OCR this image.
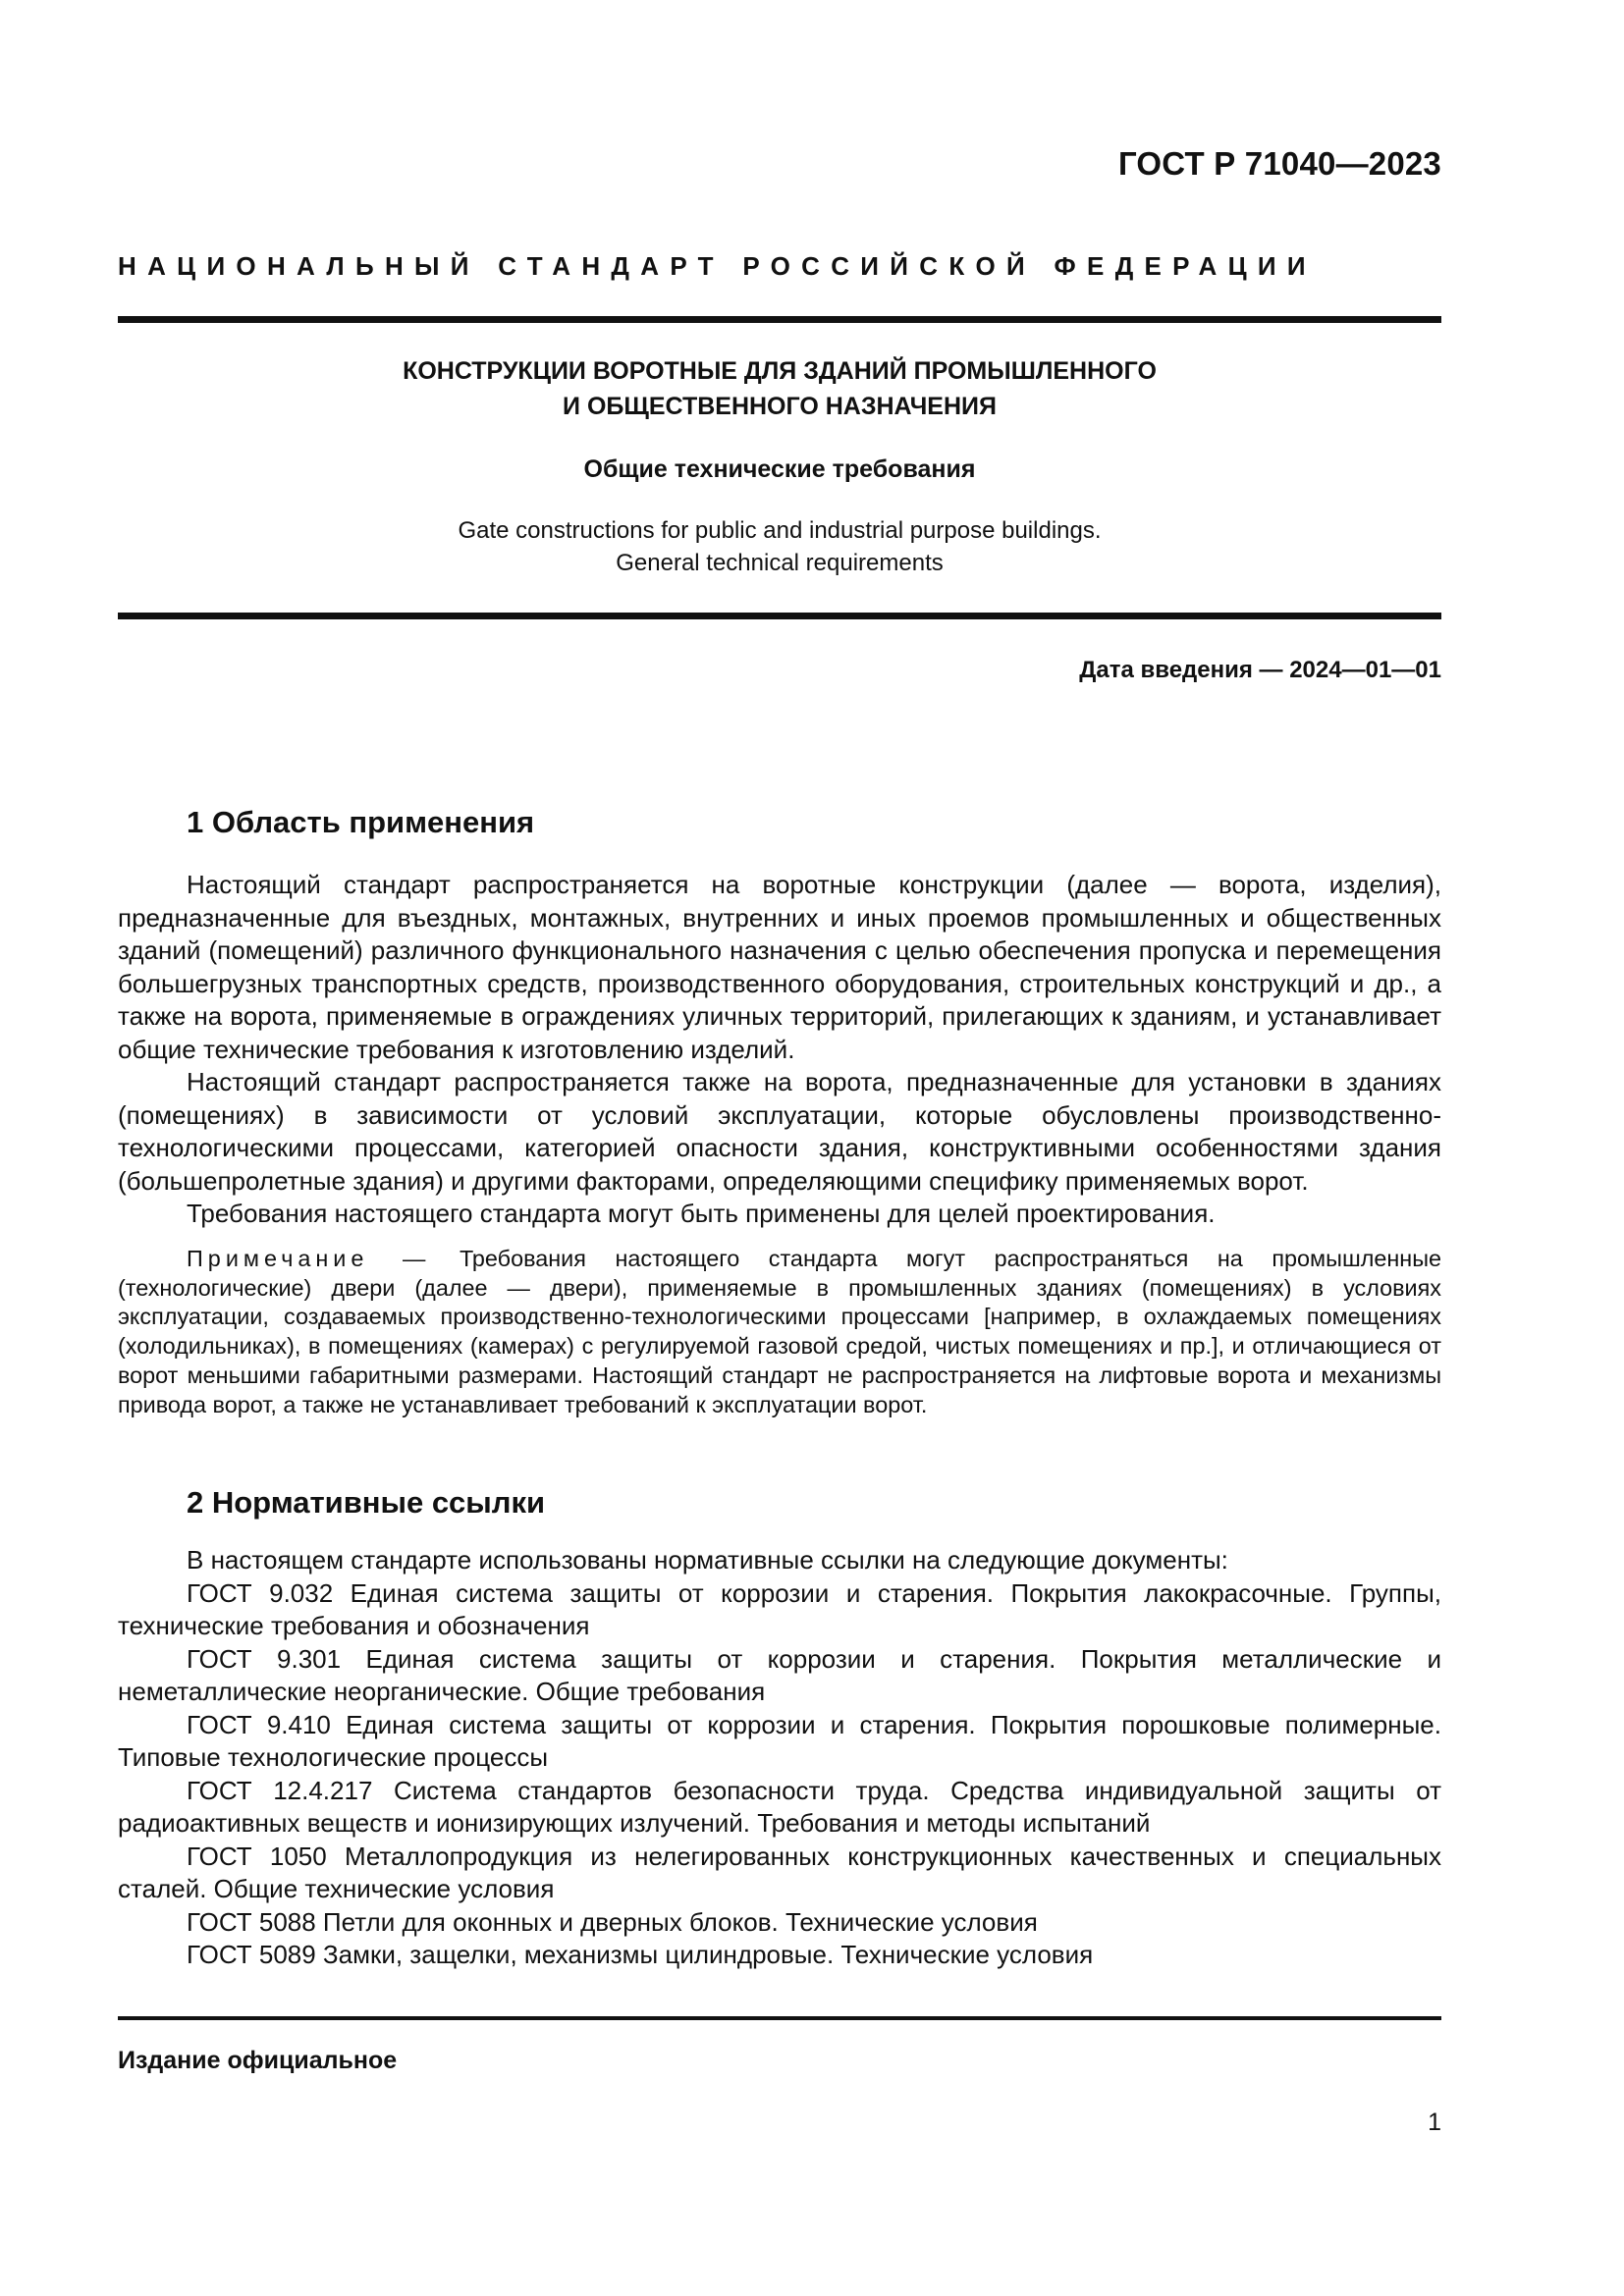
ГОСТ Р 71040—2023
НАЦИОНАЛЬНЫЙ СТАНДАРТ РОССИЙСКОЙ ФЕДЕРАЦИИ
КОНСТРУКЦИИ ВОРОТНЫЕ ДЛЯ ЗДАНИЙ ПРОМЫШЛЕННОГО
И ОБЩЕСТВЕННОГО НАЗНАЧЕНИЯ
Общие технические требования
Gate constructions for public and industrial purpose buildings.
General technical requirements
Дата введения — 2024—01—01
1 Область применения

Настоящий стандарт распространяется на воротные конструкции (далее — ворота, изделия), предназначенные для въездных, монтажных, внутренних и иных проемов промышленных и общественных зданий (помещений) различного функционального назначения с целью обеспечения пропуска и перемещения большегрузных транспортных средств, производственного оборудования, строительных конструкций и др., а также на ворота, применяемые в ограждениях уличных территорий, прилегающих к зданиям, и устанавливает общие технические требования к изготовлению изделий.

Настоящий стандарт распространяется также на ворота, предназначенные для установки в зданиях (помещениях) в зависимости от условий эксплуатации, которые обусловлены производственно-технологическими процессами, категорией опасности здания, конструктивными особенностями здания (большепролетные здания) и другими факторами, определяющими специфику применяемых ворот.

Требования настоящего стандарта могут быть применены для целей проектирования.

Примечание — Требования настоящего стандарта могут распространяться на промышленные (технологические) двери (далее — двери), применяемые в промышленных зданиях (помещениях) в условиях эксплуатации, создаваемых производственно-технологическими процессами [например, в охлаждаемых помещениях (холодильниках), в помещениях (камерах) с регулируемой газовой средой, чистых помещениях и пр.], и отличающиеся от ворот меньшими габаритными размерами. Настоящий стандарт не распространяется на лифтовые ворота и механизмы привода ворот, а также не устанавливает требований к эксплуатации ворот.

2 Нормативные ссылки

В настоящем стандарте использованы нормативные ссылки на следующие документы:

ГОСТ 9.032 Единая система защиты от коррозии и старения. Покрытия лакокрасочные. Группы, технические требования и обозначения

ГОСТ 9.301 Единая система защиты от коррозии и старения. Покрытия металлические и неметаллические неорганические. Общие требования

ГОСТ 9.410 Единая система защиты от коррозии и старения. Покрытия порошковые полимерные. Типовые технологические процессы

ГОСТ 12.4.217 Система стандартов безопасности труда. Средства индивидуальной защиты от радиоактивных веществ и ионизирующих излучений. Требования и методы испытаний

ГОСТ 1050 Металлопродукция из нелегированных конструкционных качественных и специальных сталей. Общие технические условия

ГОСТ 5088 Петли для оконных и дверных блоков. Технические условия

ГОСТ 5089 Замки, защелки, механизмы цилиндровые. Технические условия

Издание официальное
1
